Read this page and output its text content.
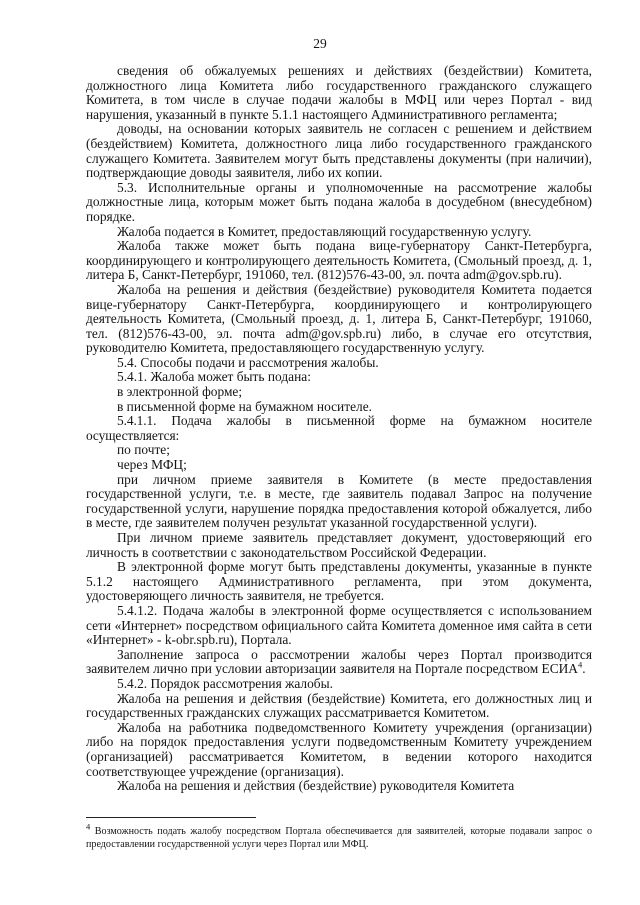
29

сведения об обжалуемых решениях и действиях (бездействии) Комитета, должностного лица Комитета либо государственного гражданского служащего Комитета, в том числе в случае подачи жалобы в МФЦ или через Портал - вид нарушения, указанный в пункте 5.1.1 настоящего Административного регламента;

доводы, на основании которых заявитель не согласен с решением и действием (бездействием) Комитета, должностного лица либо государственного гражданского служащего Комитета. Заявителем могут быть представлены документы (при наличии), подтверждающие доводы заявителя, либо их копии.

5.3. Исполнительные органы и уполномоченные на рассмотрение жалобы должностные лица, которым может быть подана жалоба в досудебном (внесудебном) порядке.

Жалоба подается в Комитет, предоставляющий государственную услугу.

Жалоба также может быть подана вице-губернатору Санкт-Петербурга, координирующего и контролирующего деятельность Комитета, (Смольный проезд, д. 1, литера Б, Санкт-Петербург, 191060, тел. (812)576-43-00, эл. почта adm@gov.spb.ru).

Жалоба на решения и действия (бездействие) руководителя Комитета подается вице-губернатору Санкт-Петербурга, координирующего и контролирующего деятельность Комитета, (Смольный проезд, д. 1, литера Б, Санкт-Петербург, 191060, тел. (812)576-43-00, эл. почта adm@gov.spb.ru) либо, в случае его отсутствия, руководителю Комитета, предоставляющего государственную услугу.

5.4. Способы подачи и рассмотрения жалобы.

5.4.1. Жалоба может быть подана:

в электронной форме;

в письменной форме на бумажном носителе.

5.4.1.1. Подача жалобы в письменной форме на бумажном носителе осуществляется:

по почте;

через МФЦ;

при личном приеме заявителя в Комитете (в месте предоставления государственной услуги, т.е. в месте, где заявитель подавал Запрос на получение государственной услуги, нарушение порядка предоставления которой обжалуется, либо в месте, где заявителем получен результат указанной государственной услуги).

При личном приеме заявитель представляет документ, удостоверяющий его личность в соответствии с законодательством Российской Федерации.

В электронной форме могут быть представлены документы, указанные в пункте 5.1.2 настоящего Административного регламента, при этом документа, удостоверяющего личность заявителя, не требуется.

5.4.1.2. Подача жалобы в электронной форме осуществляется с использованием сети «Интернет» посредством официального сайта Комитета доменное имя сайта в сети «Интернет» - k-obr.spb.ru), Портала.

Заполнение запроса о рассмотрении жалобы через Портал производится заявителем лично при условии авторизации заявителя на Портале посредством ЕСИА$^4$.

5.4.2. Порядок рассмотрения жалобы.

Жалоба на решения и действия (бездействие) Комитета, его должностных лиц и государственных гражданских служащих рассматривается Комитетом.

Жалоба на работника подведомственного Комитету учреждения (организации) либо на порядок предоставления услуги подведомственным Комитету учреждением (организацией) рассматривается Комитетом, в ведении которого находится соответствующее учреждение (организация).

Жалоба на решения и действия (бездействие) руководителя Комитета

$^4$ Возможность подать жалобу посредством Портала обеспечивается для заявителей, которые подавали запрос о предоставлении государственной услуги через Портал или МФЦ.
